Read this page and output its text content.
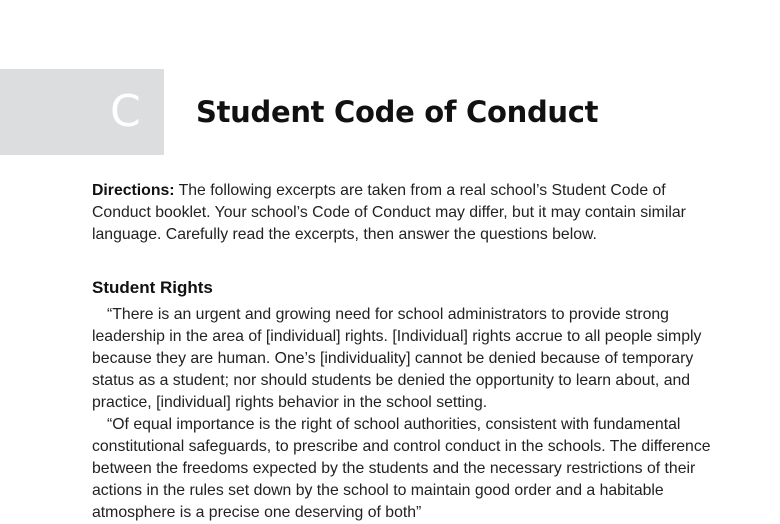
C Student Code of Conduct
Directions: The following excerpts are taken from a real school’s Student Code of Conduct booklet. Your school’s Code of Conduct may differ, but it may contain similar language. Carefully read the excerpts, then answer the questions below.
Student Rights

“There is an urgent and growing need for school administrators to provide strong leadership in the area of [individual] rights. [Individual] rights accrue to all people simply because they are human. One’s [individuality] cannot be denied because of temporary status as a student; nor should students be denied the opportunity to learn about, and practice, [individual] rights behavior in the school setting.

“Of equal importance is the right of school authorities, consistent with fundamental constitutional safeguards, to prescribe and control conduct in the schools. The difference between the freedoms expected by the students and the necessary restrictions of their actions in the rules set down by the school to maintain good order and a habitable atmosphere is a precise one deserving of both”
